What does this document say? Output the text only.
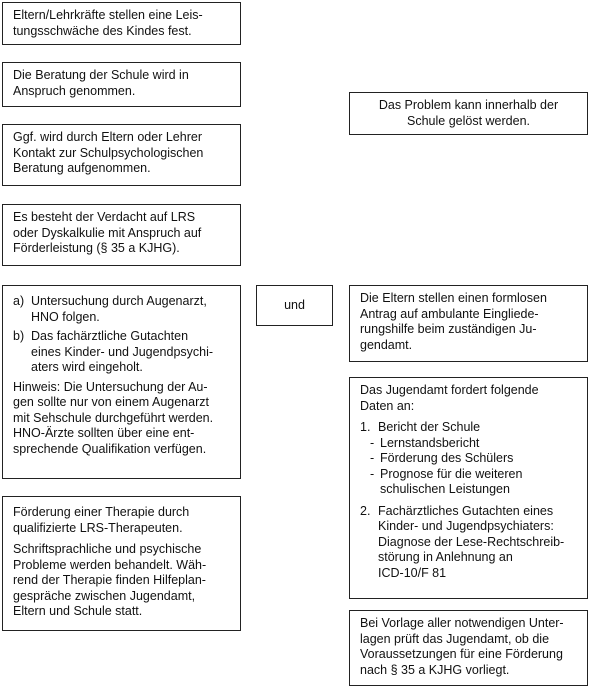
Eltern/Lehrkräfte stellen eine Leis-
tungsschwäche des Kindes fest.

Die Beratung der Schule wird in
Anspruch genommen.

Ggf. wird durch Eltern oder Lehrer
Kontakt zur Schulpsychologischen
Beratung aufgenommen.

Es besteht der Verdacht auf LRS
oder Dyskalkulie mit Anspruch auf
Förderleistung (§ 35 a KJHG).

a) Untersuchung durch Augenarzt,
HNO folgen.
b) Das fachärztliche Gutachten
eines Kinder- und Jugendpsychi-
aters wird eingeholt.

Hinweis: Die Untersuchung der Au-
gen sollte nur von einem Augenarzt
mit Sehschule durchgeführt werden.
HNO-Ärzte sollten über eine ent-
sprechende Qualifikation verfügen.

Förderung einer Therapie durch
qualifizierte LRS-Therapeuten.

Schriftsprachliche und psychische
Probleme werden behandelt. Wäh-
rend der Therapie finden Hilfeplan-
gespräche zwischen Jugendamt,
Eltern und Schule statt.

und

Das Problem kann innerhalb der
Schule gelöst werden.

Die Eltern stellen einen formlosen
Antrag auf ambulante Eingliede-
rungshilfe beim zuständigen Ju-
gendamt.

Das Jugendamt fordert folgende
Daten an:

1. Bericht der Schule
- Lernstandsbericht
- Förderung des Schülers
- Prognose für die weiteren
schulischen Leistungen
2. Fachärztliches Gutachten eines
Kinder- und Jugendpsychiaters:
Diagnose der Lese-Rechtschreib-
störung in Anlehnung an
ICD-10/F 81

Bei Vorlage aller notwendigen Unter-
lagen prüft das Jugendamt, ob die
Voraussetzungen für eine Förderung
nach § 35 a KJHG vorliegt.
